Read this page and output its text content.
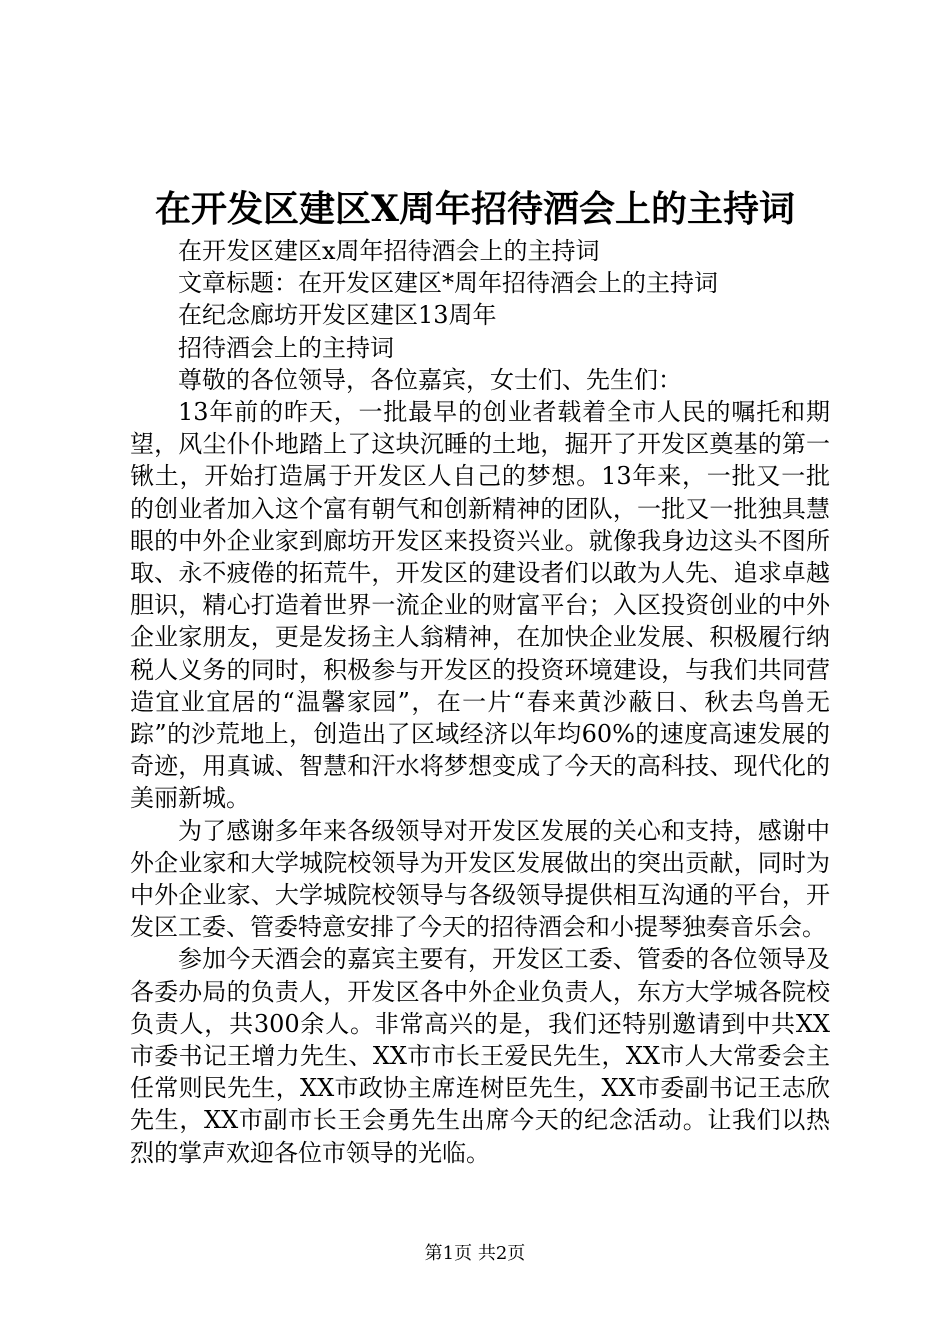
在开发区建区X周年招待酒会上的主持词

在开发区建区x周年招待酒会上的主持词

文章标题：在开发区建区*周年招待酒会上的主持词

在纪念廊坊开发区建区13周年

招待酒会上的主持词

尊敬的各位领导，各位嘉宾，女士们、先生们：

13年前的昨天，一批最早的创业者载着全市人民的嘱托和期望，风尘仆仆地踏上了这块沉睡的土地，掘开了开发区奠基的第一锹土，开始打造属于开发区人自己的梦想。13年来，一批又一批的创业者加入这个富有朝气和创新精神的团队，一批又一批独具慧眼的中外企业家到廊坊开发区来投资兴业。就像我身边这头不图所取、永不疲倦的拓荒牛，开发区的建设者们以敢为人先、追求卓越胆识，精心打造着世界一流企业的财富平台；入区投资创业的中外企业家朋友，更是发扬主人翁精神，在加快企业发展、积极履行纳税人义务的同时，积极参与开发区的投资环境建设，与我们共同营造宜业宜居的“温馨家园”，在一片“春来黄沙蔽日、秋去鸟兽无踪”的沙荒地上，创造出了区域经济以年均60%的速度高速发展的奇迹，用真诚、智慧和汗水将梦想变成了今天的高科技、现代化的美丽新城。

为了感谢多年来各级领导对开发区发展的关心和支持，感谢中外企业家和大学城院校领导为开发区发展做出的突出贡献，同时为中外企业家、大学城院校领导与各级领导提供相互沟通的平台，开发区工委、管委特意安排了今天的招待酒会和小提琴独奏音乐会。

参加今天酒会的嘉宾主要有，开发区工委、管委的各位领导及各委办局的负责人，开发区各中外企业负责人，东方大学城各院校负责人，共300余人。非常高兴的是，我们还特别邀请到中共XX市委书记王增力先生、XX市市长王爱民先生，XX市人大常委会主任常则民先生，XX市政协主席连树臣先生，XX市委副书记王志欣先生，XX市副市长王会勇先生出席今天的纪念活动。让我们以热烈的掌声欢迎各位市领导的光临。

第1页 共2页
